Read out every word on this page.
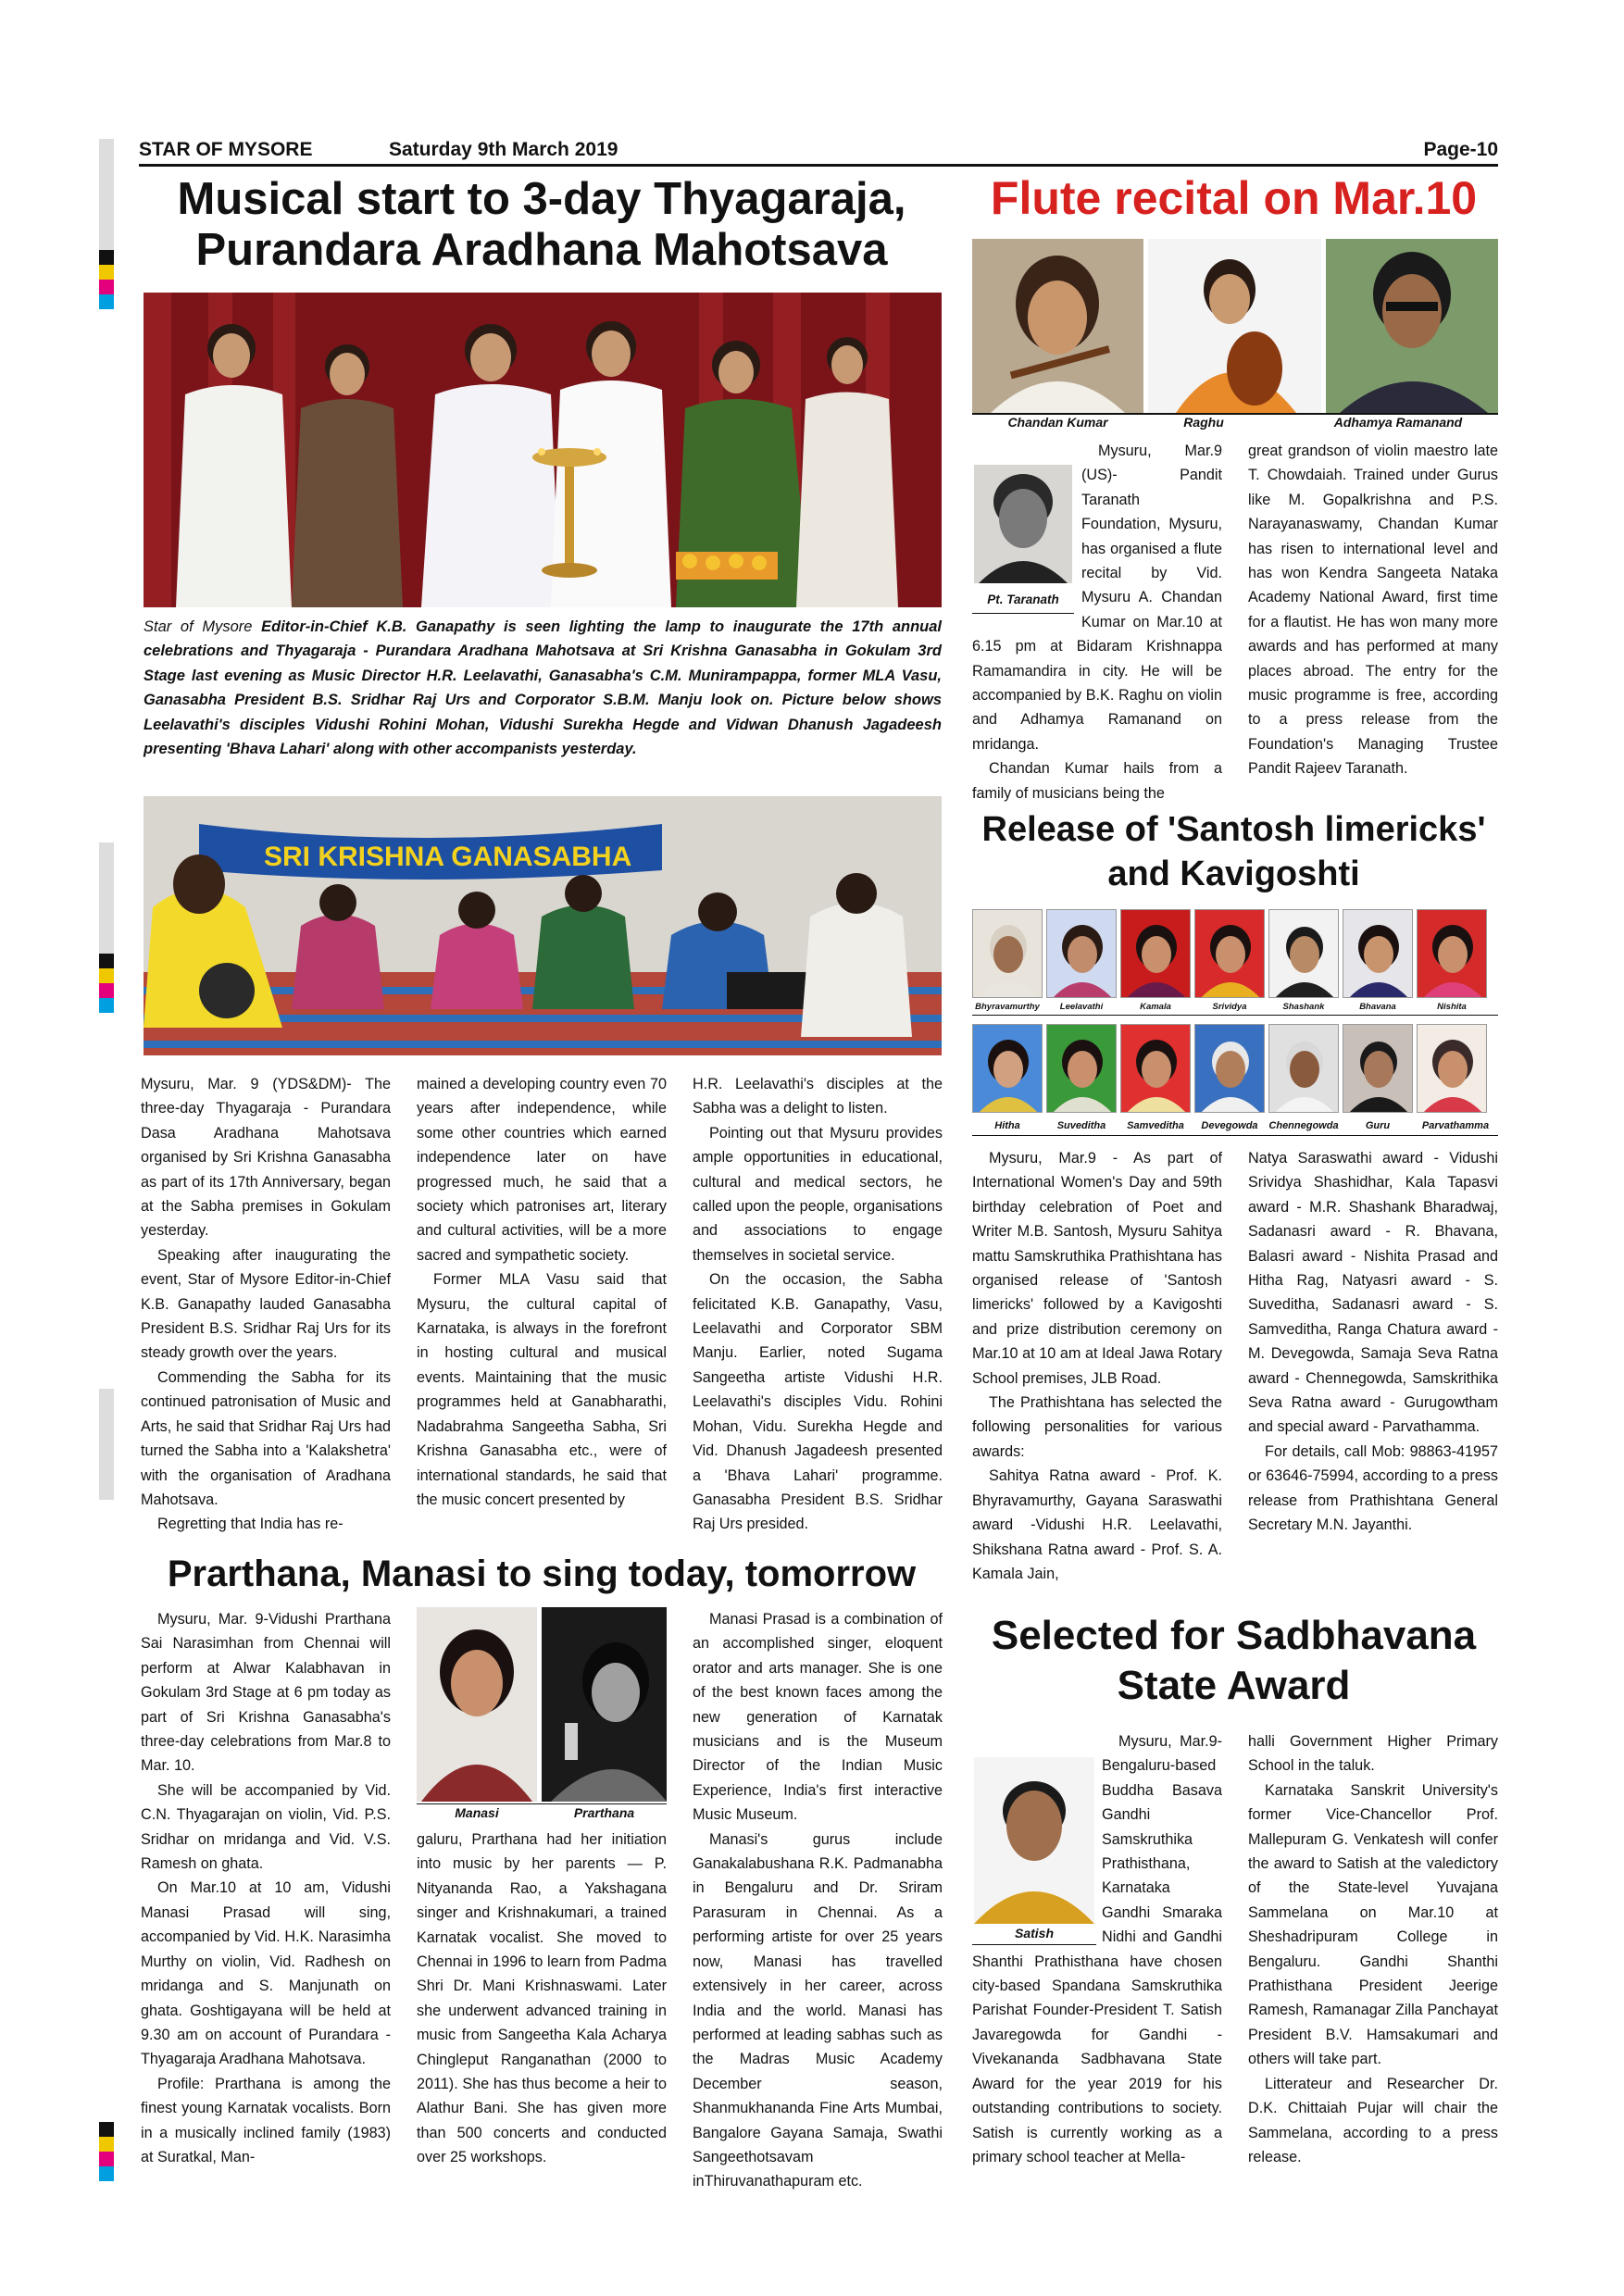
STAR OF MYSORE	Saturday 9th March 2019	Page-10
Musical start to 3-day Thyagaraja,
Purandara Aradhana Mahotsava
Star of Mysore Editor-in-Chief K.B. Ganapathy is seen lighting the lamp to inaugurate the 17th annual celebrations and Thyagaraja - Purandara Aradhana Mahotsava at Sri Krishna Ganasabha in Gokulam 3rd Stage last evening as Music Director H.R. Leelavathi, Ganasabha's C.M. Munirampappa, former MLA Vasu, Ganasabha President B.S. Sridhar Raj Urs and Corporator S.B.M. Manju look on. Picture below shows Leelavathi's disciples Vidushi Rohini Mohan, Vidushi Surekha Hegde and Vidwan Dhanush Jagadeesh presenting 'Bhava Lahari' along with other accompanists yesterday.
SRI KRISHNA GANASABHA

Mysuru, Mar. 9 (YDS&DM)- The three-day Thyagaraja - Purandara Dasa Aradhana Mahotsava organised by Sri Krishna Ganasabha as part of its 17th Anniversary, began at the Sabha premises in Gokulam yesterday.

Speaking after inaugurating the event, Star of Mysore Editor-in-Chief K.B. Ganapathy lauded Ganasabha President B.S. Sridhar Raj Urs for its steady growth over the years.

Commending the Sabha for its continued patronisation of Music and Arts, he said that Sridhar Raj Urs had turned the Sabha into a 'Kalakshetra' with the organisation of Aradhana Mahotsava.

Regretting that India has re-

mained a developing country even 70 years after independence, while some other countries which earned independence later on have progressed much, he said that a society which patronises art, literary and cultural activities, will be a more sacred and sympathetic society.

Former MLA Vasu said that Mysuru, the cultural capital of Karnataka, is always in the forefront in hosting cultural and musical events. Maintaining that the music programmes held at Ganabharathi, Nadabrahma Sangeetha Sabha, Sri Krishna Ganasabha etc., were of international standards, he said that the music concert presented by

H.R. Leelavathi's disciples at the Sabha was a delight to listen.

Pointing out that Mysuru provides ample opportunities in educational, cultural and medical sectors, he called upon the people, organisations and associations to engage themselves in societal service.

On the occasion, the Sabha felicitated K.B. Ganapathy, Vasu, Leelavathi and Corporator SBM Manju. Earlier, noted Sugama Sangeetha artiste Vidushi H.R. Leelavathi's disciples Vidu. Rohini Mohan, Vidu. Surekha Hegde and Vid. Dhanush Jagadeesh presented a 'Bhava Lahari' programme. Ganasabha President B.S. Sridhar Raj Urs presided.

Flute recital on Mar.10
Chandan Kumar	Raghu	Adhamya Ramanand
Pt. Taranath

Mysuru, Mar.9 (US)- Pandit Taranath Foundation, Mysuru, has organised a flute recital by Vid. Mysuru A. Chandan Kumar on Mar.10 at 6.15 pm at Bidaram Krishnappa Ramamandira in city. He will be accompanied by B.K. Raghu on violin and Adhamya Ramanand on mridanga.

Chandan Kumar hails from a family of musicians being the

great grandson of violin maestro late T. Chowdaiah. Trained under Gurus like M. Gopalkrishna and P.S. Narayanaswamy, Chandan Kumar has risen to international level and has won Kendra Sangeeta Nataka Academy National Award, first time for a flautist. He has won many more awards and has performed at many places abroad. The entry for the music programme is free, according to a press release from the Foundation's Managing Trustee Pandit Rajeev Taranath.

Release of 'Santosh limericks'
and Kavigoshti
Bhyravamurthy	Leelavathi	Kamala	Srividya	Shashank	Bhavana	Nishita
Hitha	Suveditha	Samveditha	Devegowda	Chennegowda	Guru	Parvathamma

Mysuru, Mar.9 - As part of International Women's Day and 59th birthday celebration of Poet and Writer M.B. Santosh, Mysuru Sahitya mattu Samskruthika Prathishtana has organised release of 'Santosh limericks' followed by a Kavigoshti and prize distribution ceremony on Mar.10 at 10 am at Ideal Jawa Rotary School premises, JLB Road.

The Prathishtana has selected the following personalities for various awards:

Sahitya Ratna award - Prof. K. Bhyravamurthy, Gayana Saraswathi award -Vidushi H.R. Leelavathi, Shikshana Ratna award - Prof. S. A. Kamala Jain,

Natya Saraswathi award - Vidushi Srividya Shashidhar, Kala Tapasvi award - M.R. Shashank Bharadwaj, Sadanasri award - R. Bhavana, Balasri award - Nishita Prasad and Hitha Rag, Natyasri award - S. Suveditha, Sadanasri award - S. Samveditha, Ranga Chatura award - M. Devegowda, Samaja Seva Ratna award - Chennegowda, Samskrithika Seva Ratna award - Gurugowtham and special award - Parvathamma.

For details, call Mob: 98863-41957 or 63646-75994, according to a press release from Prathishtana General Secretary M.N. Jayanthi.

Prarthana, Manasi to sing today, tomorrow
Manasi	Prarthana

Mysuru, Mar. 9-Vidushi Prarthana Sai Narasimhan from Chennai will perform at Alwar Kalabhavan in Gokulam 3rd Stage at 6 pm today as part of Sri Krishna Ganasabha's three-day celebrations from Mar.8 to Mar. 10.

She will be accompanied by Vid. C.N. Thyagarajan on violin, Vid. P.S. Sridhar on mridanga and Vid. V.S. Ramesh on ghata.

On Mar.10 at 10 am, Vidushi Manasi Prasad will sing, accompanied by Vid. H.K. Narasimha Murthy on violin, Vid. Radhesh on mridanga and S. Manjunath on ghata. Goshtigayana will be held at 9.30 am on account of Purandara - Thyagaraja Aradhana Mahotsava.

Profile: Prarthana is among the finest young Karnatak vocalists. Born in a musically inclined family (1983) at Suratkal, Man-

galuru, Prarthana had her initiation into music by her parents — P. Nityananda Rao, a Yakshagana singer and Krishnakumari, a trained Karnatak vocalist. She moved to Chennai in 1996 to learn from Padma Shri Dr. Mani Krishnaswami. Later she underwent advanced training in music from Sangeetha Kala Acharya Chingleput Ranganathan (2000 to 2011). She has thus become a heir to Alathur Bani. She has given more than 500 concerts and conducted over 25 workshops.

Manasi Prasad is a combination of an accomplished singer, eloquent orator and arts manager. She is one of the best known faces among the new generation of Karnatak musicians and is the Museum Director of the Indian Music Experience, India's first interactive Music Museum.

Manasi's gurus include Ganakalabushana R.K. Padmanabha in Bengaluru and Dr. Sriram Parasuram in Chennai. As a performing artiste for over 25 years now, Manasi has travelled extensively in her career, across India and the world. Manasi has performed at leading sabhas such as the Madras Music Academy December season, Shanmukhananda Fine Arts Mumbai, Bangalore Gayana Samaja, Swathi Sangeethotsavam inThiruvanathapuram etc.

Selected for Sadbhavana
State Award
Satish

Mysuru, Mar.9- Bengaluru-based Buddha Basava Gandhi Samskruthika Prathisthana, Karnataka Gandhi Smaraka Nidhi and Gandhi Shanthi Prathisthana have chosen city-based Spandana Samskruthika Parishat Founder-President T. Satish Javaregowda for Gandhi - Vivekananda Sadbhavana State Award for the year 2019 for his outstanding contributions to society. Satish is currently working as a primary school teacher at Mella-

halli Government Higher Primary School in the taluk.

Karnataka Sanskrit University's former Vice-Chancellor Prof. Mallepuram G. Venkatesh will confer the award to Satish at the valedictory of the State-level Yuvajana Sammelana on Mar.10 at Sheshadripuram College in Bengaluru. Gandhi Shanthi Prathisthana President Jeerige Ramesh, Ramanagar Zilla Panchayat President B.V. Hamsakumari and others will take part.

Litterateur and Researcher Dr. D.K. Chittaiah Pujar will chair the Sammelana, according to a press release.
